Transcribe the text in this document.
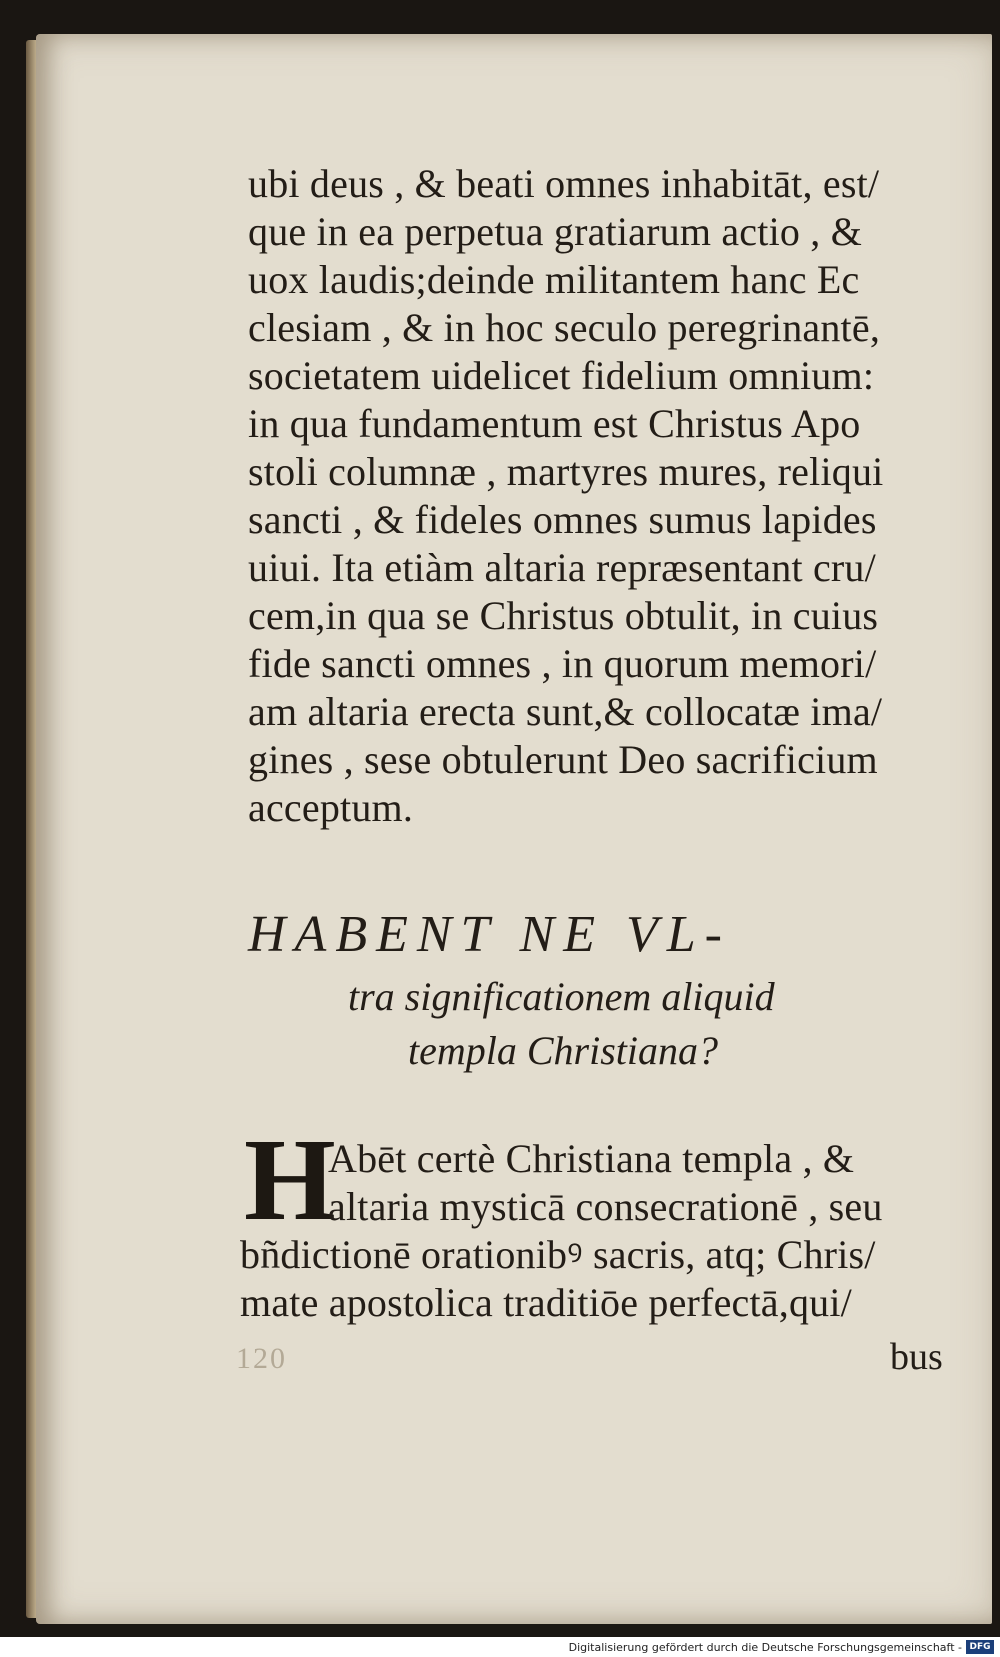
ubi deus , & beati omnes inhabitāt, est/
que in ea perpetua gratiarum actio , &
uox laudis;deinde militantem hanc Ec
clesiam , & in hoc seculo peregrinantē,
societatem uidelicet fidelium omnium:
in qua fundamentum est Christus Apo
stoli columnæ , martyres mures, reliqui
sancti , & fideles omnes sumus lapides
uiui. Ita etiàm altaria repræsentant cru/
cem,in qua se Christus obtulit, in cuius
fide sancti omnes , in quorum memori/
am altaria erecta sunt,& collocatæ ima/
gines , sese obtulerunt Deo sacrificium
acceptum.
HABENT NE VL-
tra significationem aliquid
templa Christiana?
H
Abēt certè Christiana templa , &
altaria mysticā consecrationē , seu
bñdictionē orationibꝰ sacris, atq; Chris/
mate apostolica traditiōe perfectā,qui/
120	bus
Digitalisierung gefördert durch die Deutsche Forschungsgemeinschaft - DFG
